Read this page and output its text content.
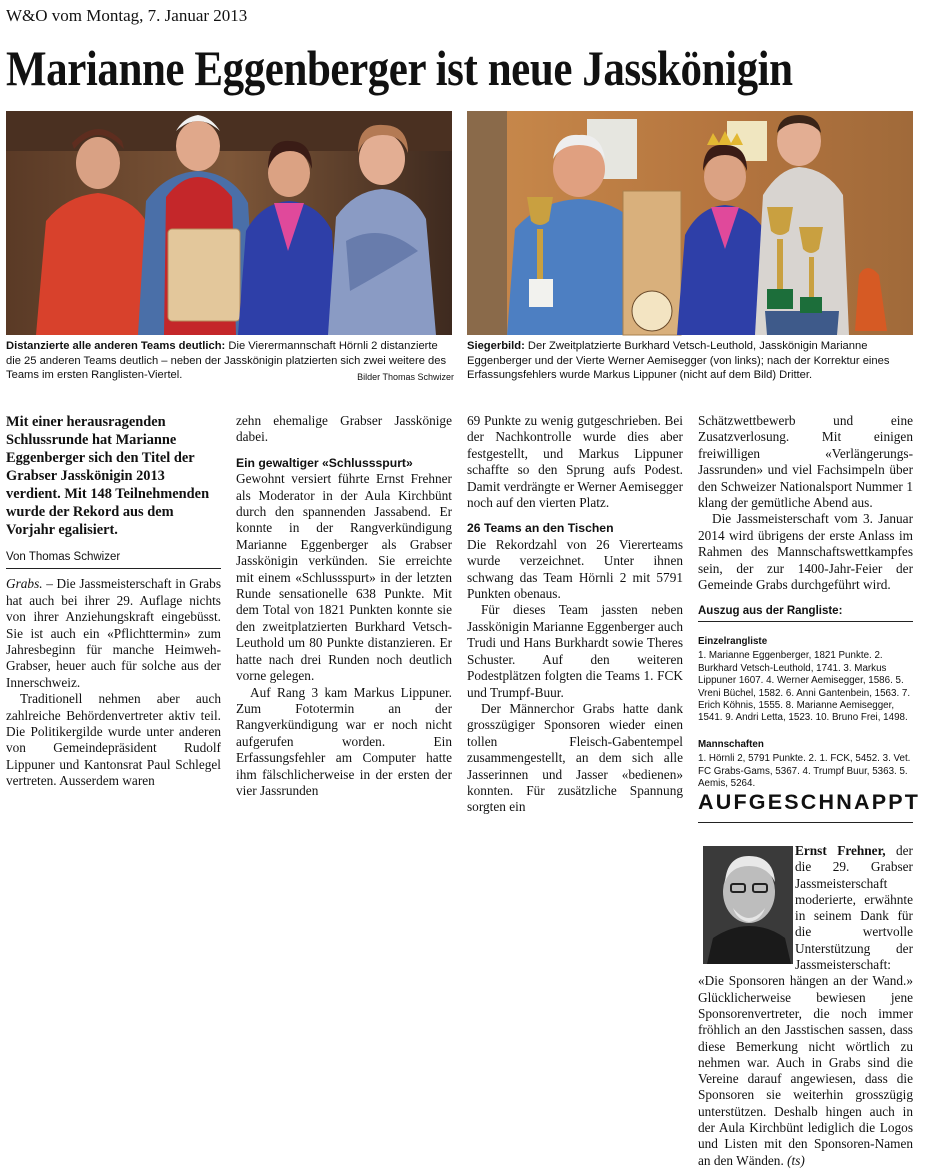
W&O vom Montag, 7. Januar 2013
Marianne Eggenberger ist neue Jasskönigin
Distanzierte alle anderen Teams deutlich: Die Vierermannschaft Hörnli 2 distanzierte die 25 anderen Teams deutlich – neben der Jasskönigin platzierten sich zwei weitere des Teams im ersten Ranglisten-Viertel.	Bilder Thomas Schwizer
Siegerbild: Der Zweitplatzierte Burkhard Vetsch-Leuthold, Jasskönigin Marianne Eggenberger und der Vierte Werner Aemisegger (von links); nach der Korrektur eines Erfassungsfehlers wurde Markus Lippuner (nicht auf dem Bild) Dritter.

Mit einer herausragenden Schlussrunde hat Marianne Eggenberger sich den Titel der Grabser Jasskönigin 2013 verdient. Mit 148 Teilnehmenden wurde der Rekord aus dem Vorjahr egalisiert.

Von Thomas Schwizer

Grabs. – Die Jassmeisterschaft in Grabs hat auch bei ihrer 29. Auflage nichts von ihrer Anziehungskraft eingebüsst. Sie ist auch ein «Pflichttermin» zum Jahresbeginn für manche Heimweh-Grabser, heuer auch für solche aus der Innerschweiz.

Traditionell nehmen aber auch zahlreiche Behördenvertreter aktiv teil. Die Politikergilde wurde unter anderen von Gemeindepräsident Rudolf Lippuner und Kantonsrat Paul Schlegel vertreten. Ausserdem waren

zehn ehemalige Grabser Jasskönige dabei.

Ein gewaltiger «Schlussspurt»

Gewohnt versiert führte Ernst Frehner als Moderator in der Aula Kirchbünt durch den spannenden Jassabend. Er konnte in der Rangverkündigung Marianne Eggenberger als Grabser Jasskönigin verkünden. Sie erreichte mit einem «Schlussspurt» in der letzten Runde sensationelle 638 Punkte. Mit dem Total von 1821 Punkten konnte sie den zweitplatzierten Burkhard Vetsch-Leuthold um 80 Punkte distanzieren. Er hatte nach drei Runden noch deutlich vorne gelegen.

Auf Rang 3 kam Markus Lippuner. Zum Fototermin an der Rangverkündigung war er noch nicht aufgerufen worden. Ein Erfassungsfehler am Computer hatte ihm fälschlicherweise in der ersten der vier Jassrunden

69 Punkte zu wenig gutgeschrieben. Bei der Nachkontrolle wurde dies aber festgestellt, und Markus Lippuner schaffte so den Sprung aufs Podest. Damit verdrängte er Werner Aemisegger noch auf den vierten Platz.

26 Teams an den Tischen

Die Rekordzahl von 26 Viererteams wurde verzeichnet. Unter ihnen schwang das Team Hörnli 2 mit 5791 Punkten obenaus.

Für dieses Team jassten neben Jasskönigin Marianne Eggenberger auch Trudi und Hans Burkhardt sowie Theres Schuster. Auf den weiteren Podestplätzen folgten die Teams 1. FCK und Trumpf-Buur.

Der Männerchor Grabs hatte dank grosszügiger Sponsoren wieder einen tollen Fleisch-Gabentempel zusammengestellt, an dem sich alle Jasserinnen und Jasser «bedienen» konnten. Für zusätzliche Spannung sorgten ein

Schätzwettbewerb und eine Zusatzverlosung. Mit einigen freiwilligen «Verlängerungs-Jassrunden» und viel Fachsimpeln über den Schweizer Nationalsport Nummer 1 klang der gemütliche Abend aus.

Die Jassmeisterschaft vom 3. Januar 2014 wird übrigens der erste Anlass im Rahmen des Mannschaftswettkampfes sein, der zur 1400-Jahr-Feier der Gemeinde Grabs durchgeführt wird.

Auszug aus der Rangliste:
Einzelrangliste
1. Marianne Eggenberger, 1821 Punkte. 2. Burkhard Vetsch-Leuthold, 1741. 3. Markus Lippuner 1607. 4. Werner Aemisegger, 1586. 5. Vreni Büchel, 1582. 6. Anni Gantenbein, 1563. 7. Erich Köhnis, 1555. 8. Marianne Aemisegger, 1541. 9. Andri Letta, 1523. 10. Bruno Frei, 1498.
Mannschaften
1. Hörnli 2, 5791 Punkte. 2. 1. FCK, 5452. 3. Vet. FC Grabs-Gams, 5367. 4. Trumpf Buur, 5363. 5. Aemis, 5264.
AUFGESCHNAPPT
Ernst Frehner, der die 29. Grabser Jassmeisterschaft moderierte, erwähnte in seinem Dank für die wertvolle Unterstützung der Jassmeisterschaft: «Die Sponsoren hängen an der Wand.» Glücklicherweise bewiesen jene Sponsorenvertreter, die noch immer fröhlich an den Jasstischen sassen, dass diese Bemerkung nicht wörtlich zu nehmen war. Auch in Grabs sind die Vereine darauf angewiesen, dass die Sponsoren sie weiterhin grosszügig unterstützen. Deshalb hingen auch in der Aula Kirchbünt lediglich die Logos und Listen mit den Sponsoren-Namen an den Wänden. (ts)
